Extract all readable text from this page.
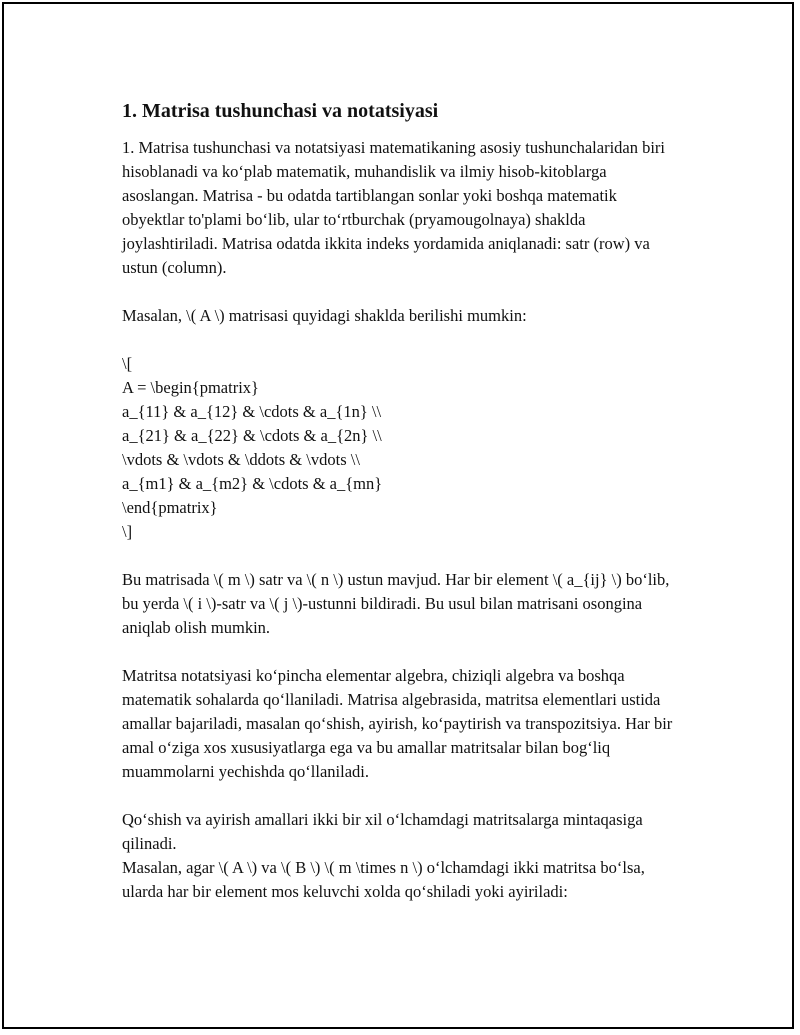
1. Matrisa tushunchasi va notatsiyasi

1. Matrisa tushunchasi va notatsiyasi matematikaning asosiy tushunchalaridan biri hisoblanadi va ko‘plab matematik, muhandislik va ilmiy hisob-kitoblarga asoslangan. Matrisa - bu odatda tartiblangan sonlar yoki boshqa matematik obyektlar to'plami bo‘lib, ular to‘rtburchak (pryamougolnaya) shaklda joylashtiriladi. Matrisa odatda ikkita indeks yordamida aniqlanadi: satr (row) va ustun (column).

Masalan, \( A \) matrisasi quyidagi shaklda berilishi mumkin:

\[
A = \begin{pmatrix}
a_{11} & a_{12} & \cdots & a_{1n} \\
a_{21} & a_{22} & \cdots & a_{2n} \\
\vdots & \vdots & \ddots & \vdots \\
a_{m1} & a_{m2} & \cdots & a_{mn}
\end{pmatrix}
\]

Bu matrisada \( m \) satr va \( n \) ustun mavjud. Har bir element \( a_{ij} \) bo‘lib, bu yerda \( i \)-satr va \( j \)-ustunni bildiradi. Bu usul bilan matrisani osongina aniqlab olish mumkin.

Matritsa notatsiyasi ko‘pincha elementar algebra, chiziqli algebra va boshqa matematik sohalarda qo‘llaniladi. Matrisa algebrasida, matritsa elementlari ustida amallar bajariladi, masalan qo‘shish, ayirish, ko‘paytirish va transpozitsiya. Har bir amal o‘ziga xos xususiyatlarga ega va bu amallar matritsalar bilan bog‘liq muammolarni yechishda qo‘llaniladi.

Qo‘shish va ayirish amallari ikki bir xil o‘lchamdagi matritsalarga mintaqasiga qilinadi.

Masalan, agar \( A \) va \( B \) \( m \times n \) o‘lchamdagi ikki matritsa bo‘lsa, ularda har bir element mos keluvchi xolda qo‘shiladi yoki ayiriladi:
